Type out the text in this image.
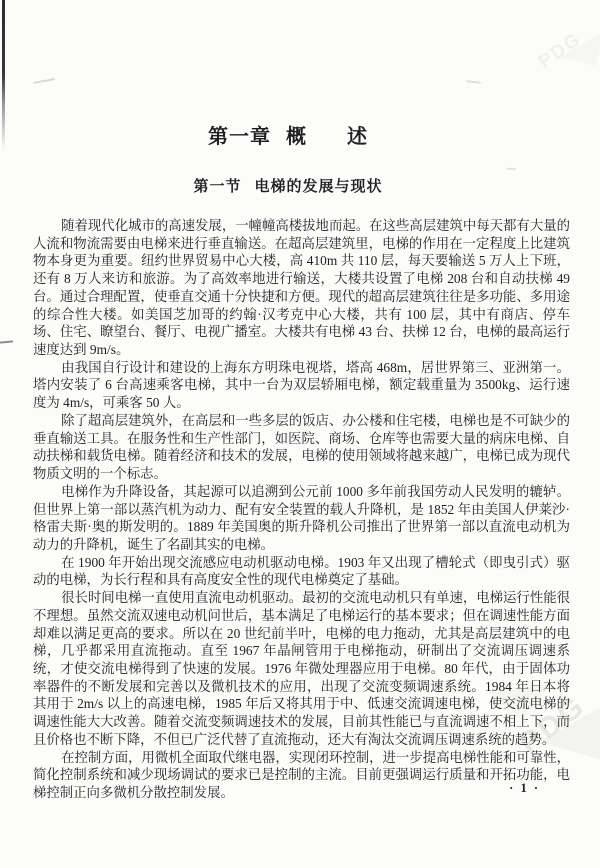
PDG
PDG
第一章 概 述
第一节 电梯的发展与现状

随着现代化城市的高速发展，一幢幢高楼拔地而起。在这些高层建筑中每天都有大量的人流和物流需要由电梯来进行垂直输送。在超高层建筑里，电梯的作用在一定程度上比建筑物本身更为重要。纽约世界贸易中心大楼，高 410m 共 110 层，每天要输送 5 万人上下班，还有 8 万人来访和旅游。为了高效率地进行输送，大楼共设置了电梯 208 台和自动扶梯 49 台。通过合理配置，使垂直交通十分快捷和方便。现代的超高层建筑往往是多功能、多用途的综合性大楼。如美国芝加哥的约翰·汉考克中心大楼，共有 100 层，其中有商店、停车场、住宅、瞭望台、餐厅、电视广播室。大楼共有电梯 43 台、扶梯 12 台，电梯的最高运行速度达到 9m/s。

由我国自行设计和建设的上海东方明珠电视塔，塔高 468m，居世界第三、亚洲第一。塔内安装了 6 台高速乘客电梯，其中一台为双层轿厢电梯，额定载重量为 3500kg、运行速度为 4m/s，可乘客 50 人。

除了超高层建筑外，在高层和一些多层的饭店、办公楼和住宅楼，电梯也是不可缺少的垂直输送工具。在服务性和生产性部门，如医院、商场、仓库等也需要大量的病床电梯、自动扶梯和载货电梯。随着经济和技术的发展，电梯的使用领域将越来越广，电梯已成为现代物质文明的一个标志。

电梯作为升降设备，其起源可以追溯到公元前 1000 多年前我国劳动人民发明的辘轳。但世界上第一部以蒸汽机为动力、配有安全装置的载人升降机，是 1852 年由美国人伊莱沙·格雷夫斯·奥的斯发明的。1889 年美国奥的斯升降机公司推出了世界第一部以直流电动机为动力的升降机，诞生了名副其实的电梯。

在 1900 年开始出现交流感应电动机驱动电梯。1903 年又出现了槽轮式（即曳引式）驱动的电梯，为长行程和具有高度安全性的现代电梯奠定了基础。

很长时间电梯一直使用直流电动机驱动。最初的交流电动机只有单速，电梯运行性能很不理想。虽然交流双速电动机问世后，基本满足了电梯运行的基本要求；但在调速性能方面却难以满足更高的要求。所以在 20 世纪前半叶，电梯的电力拖动，尤其是高层建筑中的电梯，几乎都采用直流拖动。直至 1967 年晶闸管用于电梯拖动，研制出了交流调压调速系统，才使交流电梯得到了快速的发展。1976 年微处理器应用于电梯。80 年代，由于固体功率器件的不断发展和完善以及微机技术的应用，出现了交流变频调速系统。1984 年日本将其用于 2m/s 以上的高速电梯，1985 年后又将其用于中、低速交流调速电梯，使交流电梯的调速性能大大改善。随着交流变频调速技术的发展，目前其性能已与直流调速不相上下，而且价格也不断下降，不但已广泛代替了直流拖动，还大有淘汰交流调压调速系统的趋势。

在控制方面，用微机全面取代继电器，实现闭环控制，进一步提高电梯性能和可靠性，简化控制系统和减少现场调试的要求已是控制的主流。目前更强调运行质量和开拓功能，电梯控制正向多微机分散控制发展。	· 1 ·
